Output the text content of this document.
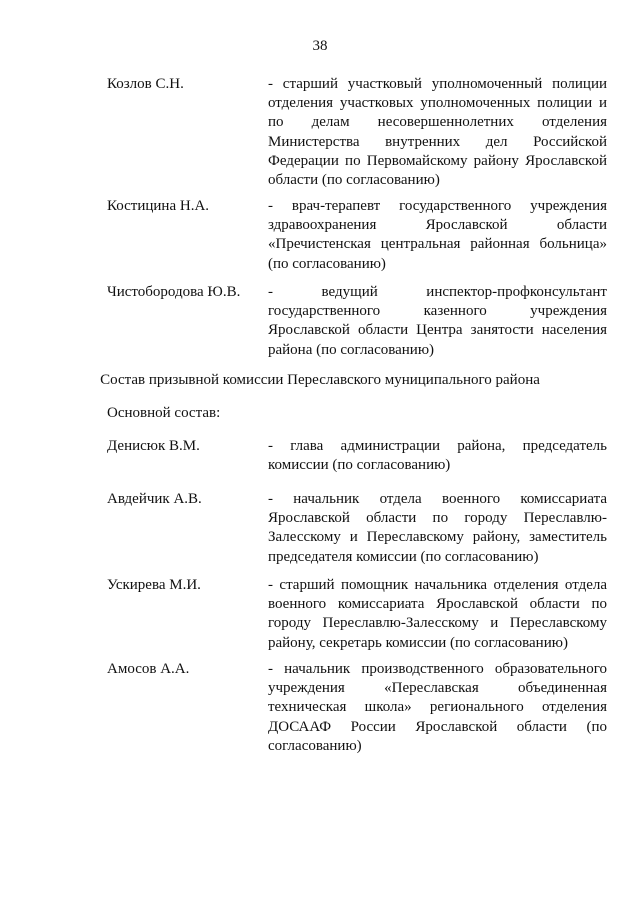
38
Козлов С.Н.	- старший участковый уполномоченный полиции отделения участковых уполномоченных полиции и по делам несовершеннолетних отделения Министерства внутренних дел Российской Федерации по Первомайскому району Ярославской области (по согласованию)
Костицина Н.А.	- врач-терапевт государственного учреждения здравоохранения Ярославской области «Пречистенская центральная районная больница» (по согласованию)
Чистобородова Ю.В. - ведущий инспектор-профконсультант государственного казенного учреждения Ярославской области Центра занятости населения района (по согласованию)
Состав призывной комиссии Переславского муниципального района
Основной состав:
Денисюк В.М.	- глава администрации района, председатель комиссии (по согласованию)
Авдейчик А.В.	- начальник отдела военного комиссариата Ярославской области по городу Переславлю-Залесскому и Переславскому району, заместитель председателя комиссии (по согласованию)
Ускирева М.И.	- старший помощник начальника отделения отдела военного комиссариата Ярославской области по городу Переславлю-Залесскому и Переславскому району, секретарь комиссии (по согласованию)
Амосов А.А.	- начальник производственного образовательного учреждения «Переславская объединенная техническая школа» регионального отделения ДОСААФ России Ярославской области (по согласованию)
